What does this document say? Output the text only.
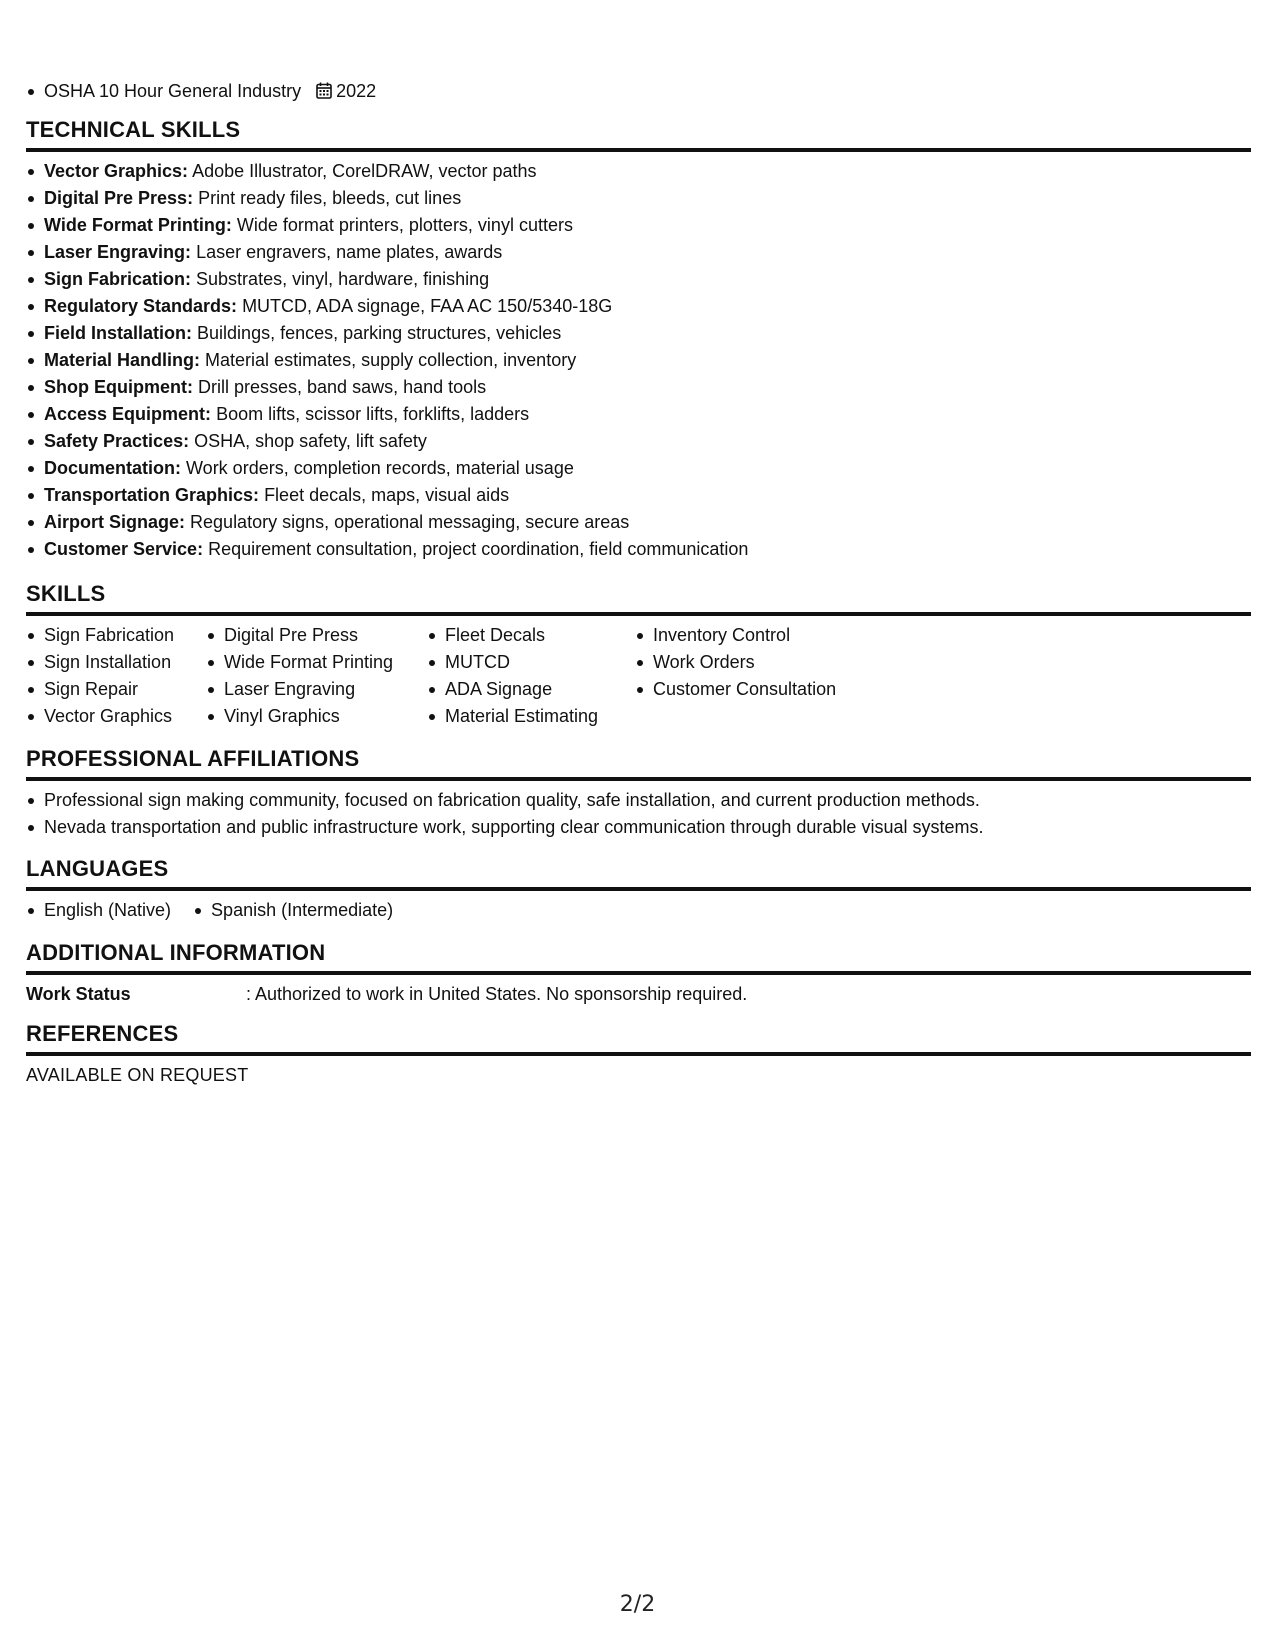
OSHA 10 Hour General Industry 2022
TECHNICAL SKILLS
Vector Graphics: Adobe Illustrator, CorelDRAW, vector paths
Digital Pre Press: Print ready files, bleeds, cut lines
Wide Format Printing: Wide format printers, plotters, vinyl cutters
Laser Engraving: Laser engravers, name plates, awards
Sign Fabrication: Substrates, vinyl, hardware, finishing
Regulatory Standards: MUTCD, ADA signage, FAA AC 150/5340-18G
Field Installation: Buildings, fences, parking structures, vehicles
Material Handling: Material estimates, supply collection, inventory
Shop Equipment: Drill presses, band saws, hand tools
Access Equipment: Boom lifts, scissor lifts, forklifts, ladders
Safety Practices: OSHA, shop safety, lift safety
Documentation: Work orders, completion records, material usage
Transportation Graphics: Fleet decals, maps, visual aids
Airport Signage: Regulatory signs, operational messaging, secure areas
Customer Service: Requirement consultation, project coordination, field communication
SKILLS
Sign Fabrication
Sign Installation
Sign Repair
Vector Graphics
Digital Pre Press
Wide Format Printing
Laser Engraving
Vinyl Graphics
Fleet Decals
MUTCD
ADA Signage
Material Estimating
Inventory Control
Work Orders
Customer Consultation
PROFESSIONAL AFFILIATIONS
Professional sign making community, focused on fabrication quality, safe installation, and current production methods.
Nevada transportation and public infrastructure work, supporting clear communication through durable visual systems.
LANGUAGES
English (Native)	Spanish (Intermediate)
ADDITIONAL INFORMATION
Work Status	: Authorized to work in United States. No sponsorship required.
REFERENCES
AVAILABLE ON REQUEST
2/2
